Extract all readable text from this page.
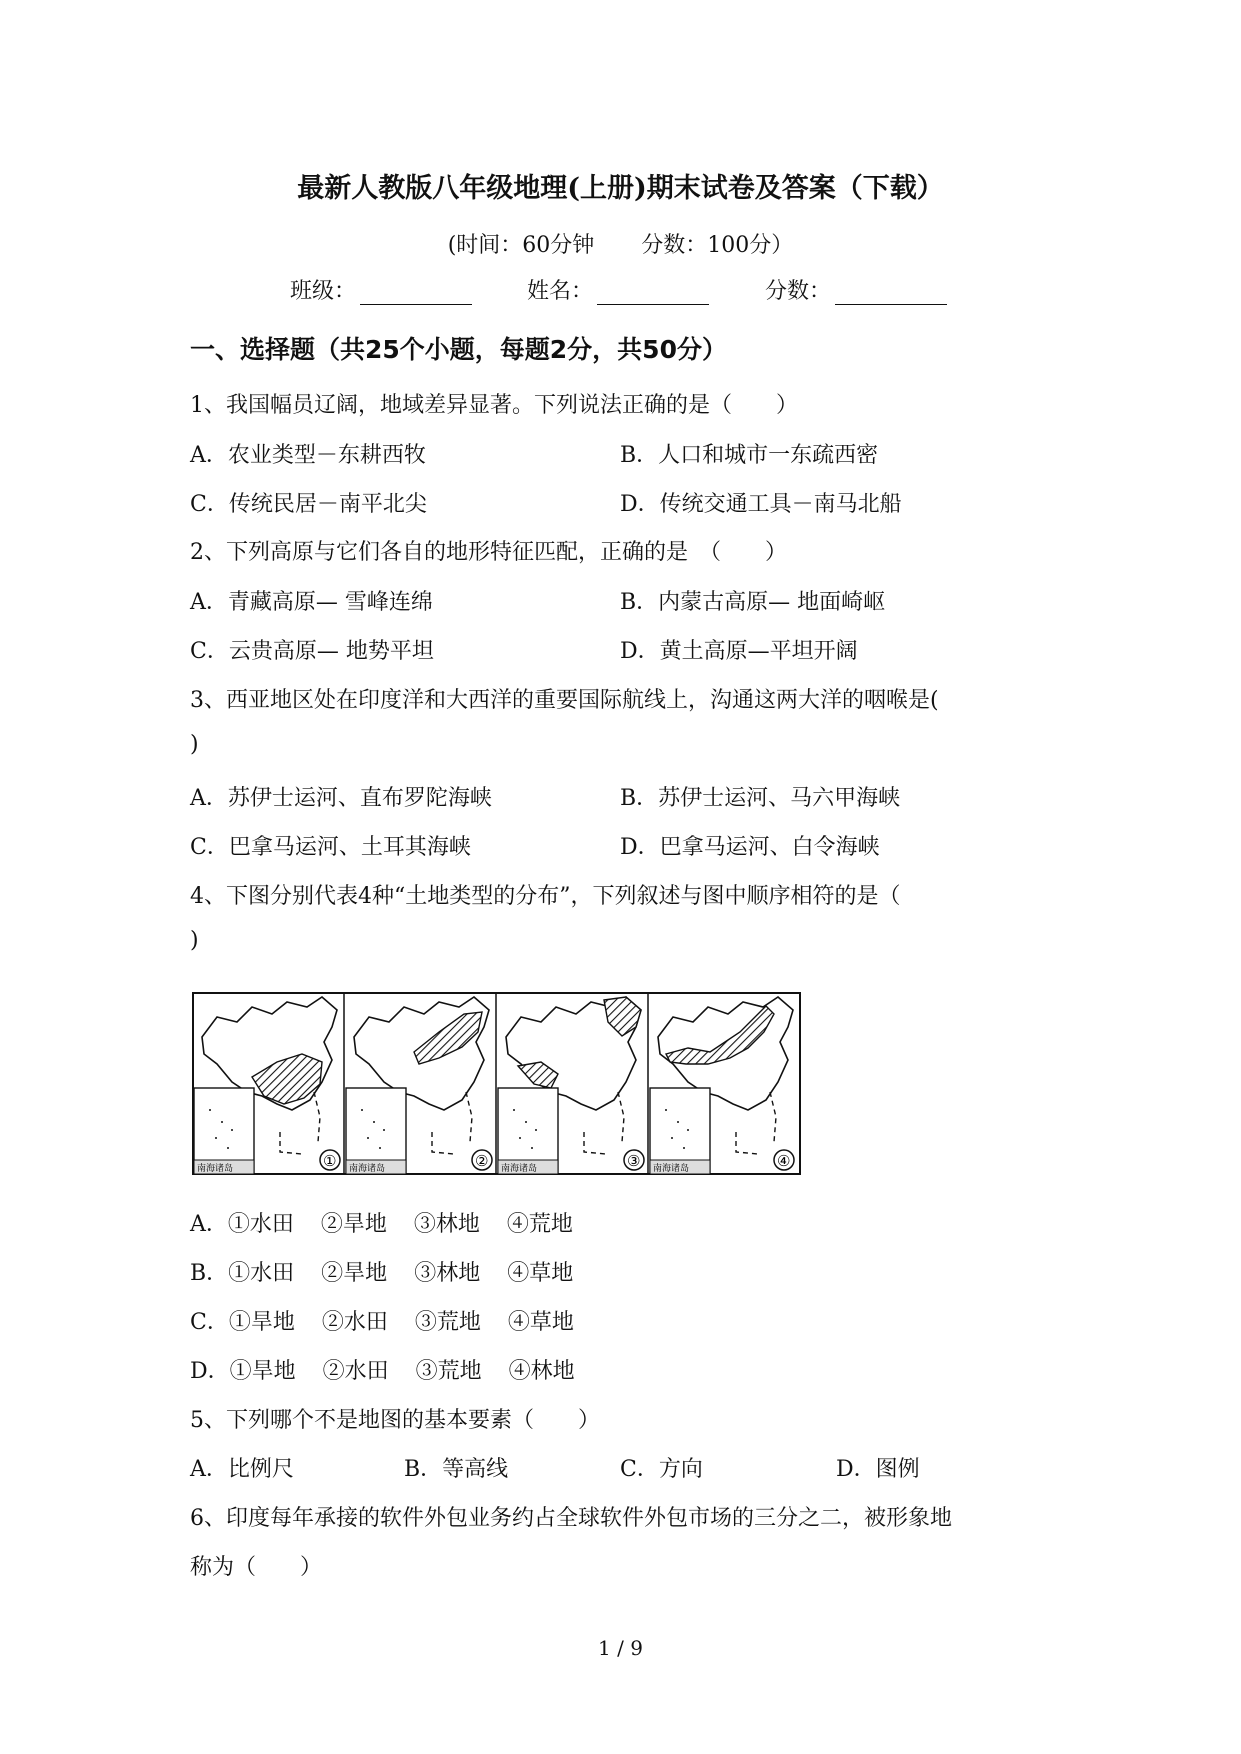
最新人教版八年级地理(上册)期末试卷及答案（下载）
(时间：60分钟 分数：100分）
班级：	姓名：	分数：
一、选择题（共25个小题，每题2分，共50分）
1、我国幅员辽阔，地域差异显著。下列说法正确的是（　　）
A．农业类型－东耕西牧	B．人口和城市一东疏西密
C．传统民居－南平北尖	D．传统交通工具－南马北船
2、下列高原与它们各自的地形特征匹配，正确的是　（　　）
A．青藏高原— 雪峰连绵	B．内蒙古高原— 地面崎岖
C．云贵高原— 地势平坦	D．黄土高原—平坦开阔
3、西亚地区处在印度洋和大西洋的重要国际航线上，沟通这两大洋的咽喉是(
)
A．苏伊士运河、直布罗陀海峡	B．苏伊士运河、马六甲海峡
C．巴拿马运河、土耳其海峡	D．巴拿马运河、白令海峡
4、下图分别代表4种“土地类型的分布”，下列叙述与图中顺序相符的是（
)
南海诸岛	① 南海诸岛	② 南海诸岛	③ 南海诸岛	④
A．①水田 ②旱地 ③林地 ④荒地
B．①水田 ②旱地 ③林地 ④草地
C．①旱地 ②水田 ③荒地 ④草地
D．①旱地 ②水田 ③荒地 ④林地
5、下列哪个不是地图的基本要素（　　）
A．比例尺	B．等高线	C．方向	D．图例
6、印度每年承接的软件外包业务约占全球软件外包市场的三分之二，被形象地
称为（　　）
1 / 9
